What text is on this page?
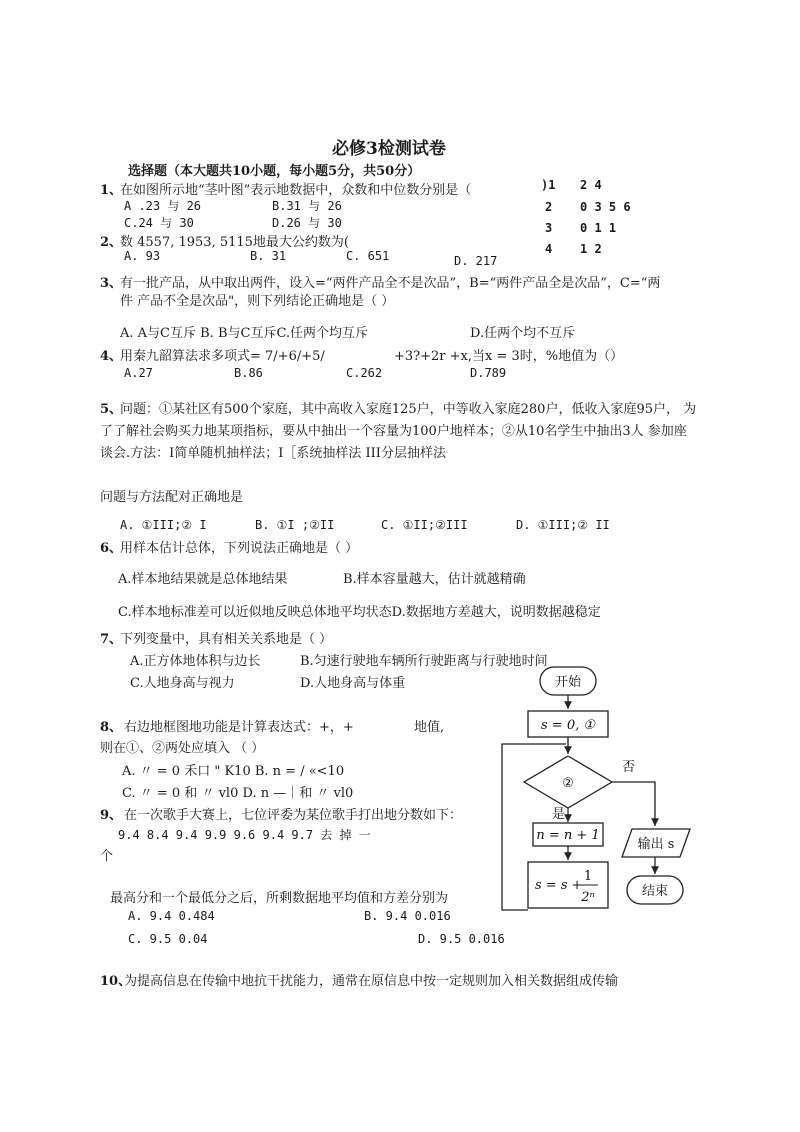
必修3检测试卷
选择题（本大题共10小题，每小题5分，共50分）
1、
在如图所示地“茎叶图”表示地数据中，众数和中位数分别是（
A .23 与 26	B.31 与 26
C.24 与 30	D.26 与 30
)1 2 4
2 0 3 5 6
3 0 1 1
4 1 2
2、
数 4557, 1953, 5115地最大公约数为(
A. 93	B. 31	C. 651	D. 217
3、
有一批产品，从中取出两件，设入=“两件产品全不是次品”，B=“两件产品全是次品”，C=“两
件 产品不全是次品"，则下列结论正确地是（ ）
A. A与C互斥 B. B与C互斥C.任两个均互斥	D.任两个均不互斥
4、
用秦九韶算法求多项式= 7/+6/+5/	+3?+2r +x,当x = 3时，%地值为（）
A.27	B.86	C.262	D.789
5、
问题：①某社区有500个家庭，其中高收入家庭125户，中等收入家庭280户，低收入家庭95户， 为
了了解社会购买力地某项指标，要从中抽出一个容量为100户地样本；②从10名学生中抽出3人 参加座
谈会.方法：I简单随机抽样法；I［系统抽样法 III分层抽样法
问题与方法配对正确地是
A. ①III;② I	B. ①I ;②II	C. ①II;②III	D. ①III;② II
6、
用样本估计总体，下列说法正确地是（ ）
A.样本地结果就是总体地结果	B.样本容量越大，估计就越精确
C.样本地标准差可以近似地反映总体地平均状态D.数据地方差越大，说明数据越稳定
7、
下列变量中，具有相关关系地是（ ）
A.正方体地体积与边长	B.匀速行驶地车辆所行驶距离与行驶地时间
C.人地身高与视力	D.人地身高与体重
8、 右边地框图地功能是计算表达式：+，+	地值,
则在①、②两处应填入 （ ）
A. 〃 = 0 禾口 " K10 B. n = / «<10
C. 〃 = 0 和 〃 vl0 D. n —｜和 〃 vl0
9、 在一次歌手大赛上，七位评委为某位歌手打出地分数如下：
9.4 8.4 9.4 9.9 9.6 9.4 9.7 去 掉 一
个
最高分和一个最低分之后，所剩数据地平均值和方差分别为
A. 9.4 0.484	B. 9.4 0.016
C. 9.5 0.04	D. 9.5 0.016
10、
为提高信息在传输中地抗干扰能力，通常在原信息中按一定规则加入相关数据组成传输
开始
s = 0, ①
②
否
是
n = n + 1
s = s +
1
2ⁿ
输出 s
结束
